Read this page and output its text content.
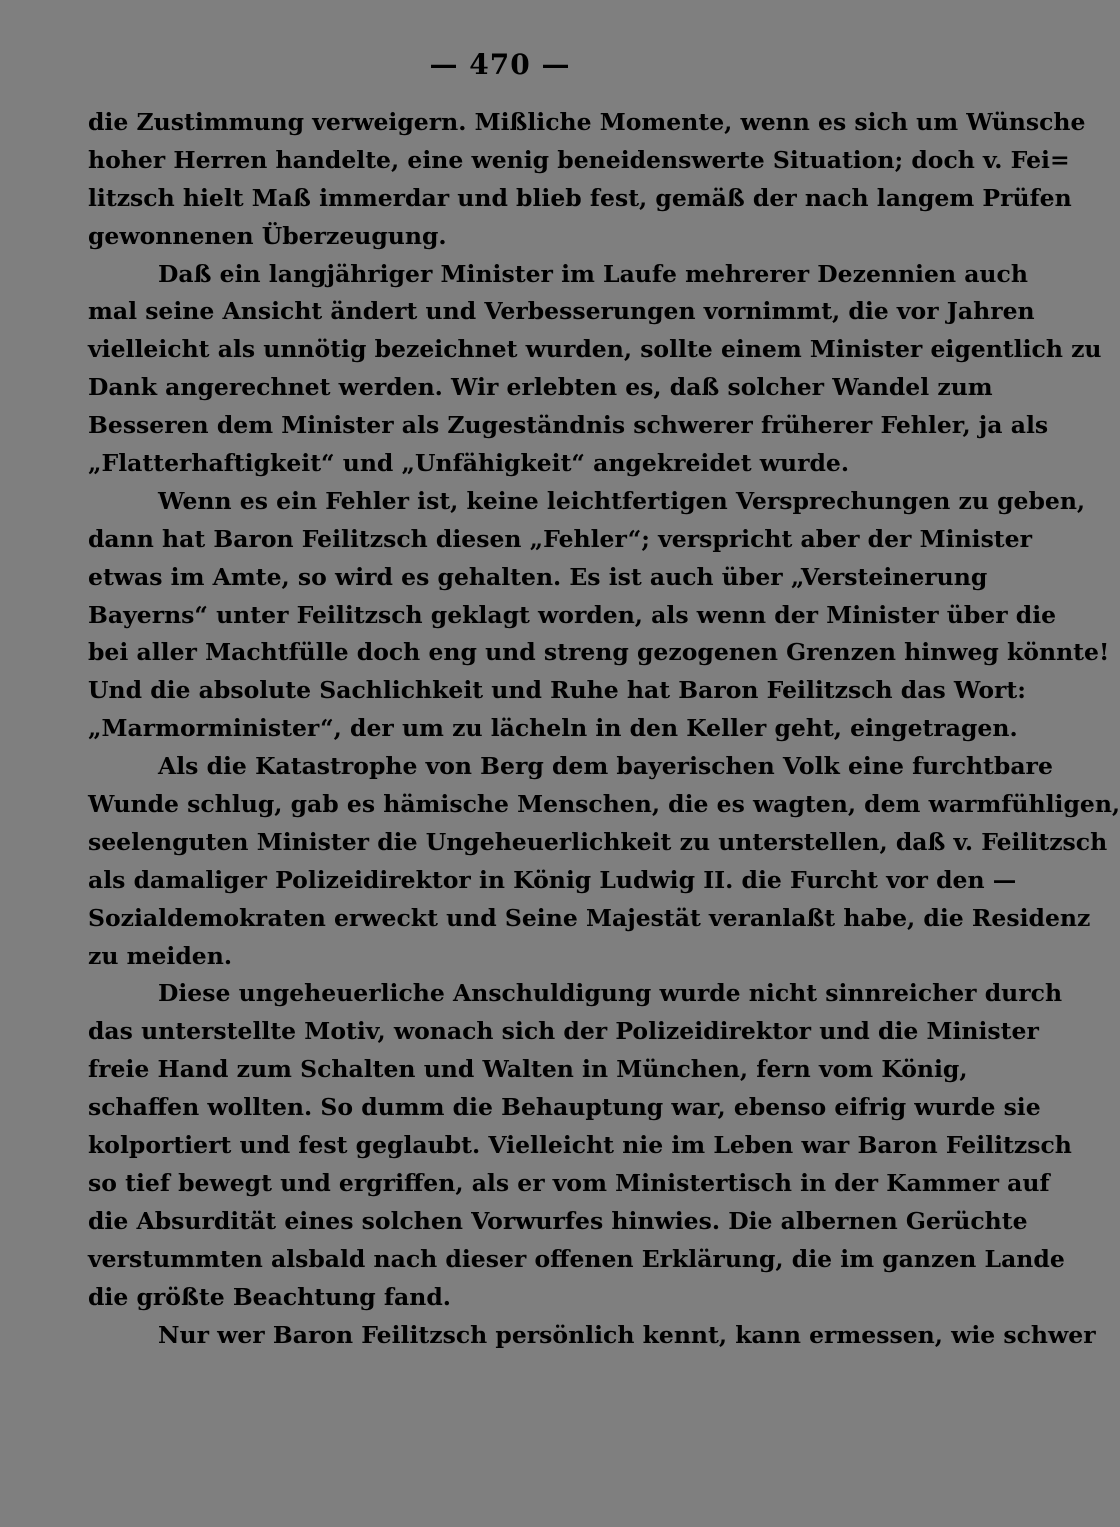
— 470 —
die Zustimmung verweigern. Mißliche Momente, wenn es sich um Wünsche
hoher Herren handelte, eine wenig beneidenswerte Situation; doch v. Fei=
litzsch hielt Maß immerdar und blieb fest, gemäß der nach langem Prüfen
gewonnenen Überzeugung.
Daß ein langjähriger Minister im Laufe mehrerer Dezennien auch
mal seine Ansicht ändert und Verbesserungen vornimmt, die vor Jahren
vielleicht als unnötig bezeichnet wurden, sollte einem Minister eigentlich zu
Dank angerechnet werden. Wir erlebten es, daß solcher Wandel zum
Besseren dem Minister als Zugeständnis schwerer früherer Fehler, ja als
„Flatterhaftigkeit“ und „Unfähigkeit“ angekreidet wurde.
Wenn es ein Fehler ist, keine leichtfertigen Versprechungen zu geben,
dann hat Baron Feilitzsch diesen „Fehler“; verspricht aber der Minister
etwas im Amte, so wird es gehalten. Es ist auch über „Versteinerung
Bayerns“ unter Feilitzsch geklagt worden, als wenn der Minister über die
bei aller Machtfülle doch eng und streng gezogenen Grenzen hinweg könnte!
Und die absolute Sachlichkeit und Ruhe hat Baron Feilitzsch das Wort:
„Marmorminister“, der um zu lächeln in den Keller geht, eingetragen.
Als die Katastrophe von Berg dem bayerischen Volk eine furchtbare
Wunde schlug, gab es hämische Menschen, die es wagten, dem warmfühligen,
seelenguten Minister die Ungeheuerlichkeit zu unterstellen, daß v. Feilitzsch
als damaliger Polizeidirektor in König Ludwig II. die Furcht vor den —
Sozialdemokraten erweckt und Seine Majestät veranlaßt habe, die Residenz
zu meiden.
Diese ungeheuerliche Anschuldigung wurde nicht sinnreicher durch
das unterstellte Motiv, wonach sich der Polizeidirektor und die Minister
freie Hand zum Schalten und Walten in München, fern vom König,
schaffen wollten. So dumm die Behauptung war, ebenso eifrig wurde sie
kolportiert und fest geglaubt. Vielleicht nie im Leben war Baron Feilitzsch
so tief bewegt und ergriffen, als er vom Ministertisch in der Kammer auf
die Absurdität eines solchen Vorwurfes hinwies. Die albernen Gerüchte
verstummten alsbald nach dieser offenen Erklärung, die im ganzen Lande
die größte Beachtung fand.
Nur wer Baron Feilitzsch persönlich kennt, kann ermessen, wie schwer
